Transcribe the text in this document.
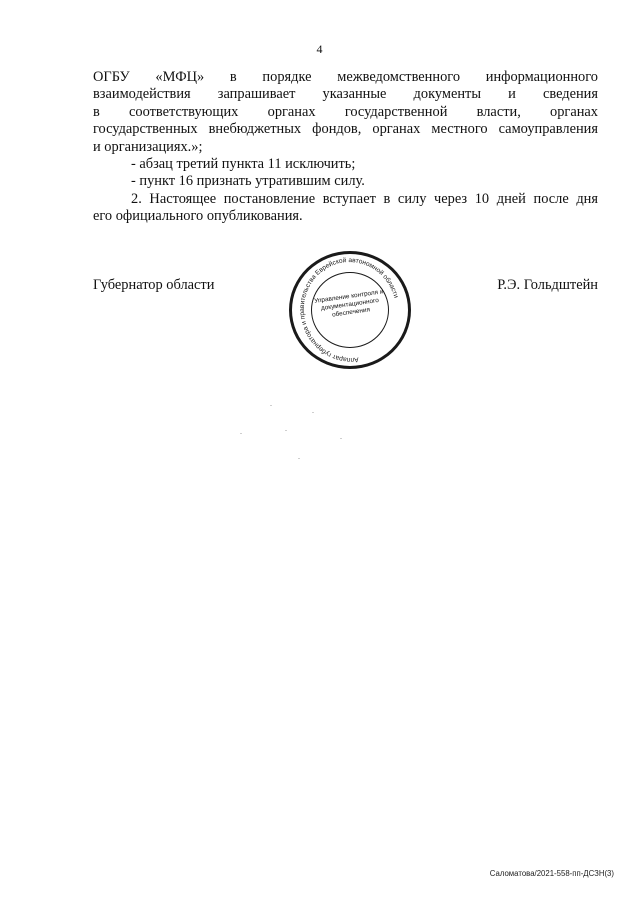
4
ОГБУ «МФЦ» в порядке межведомственного информационного
взаимодействия запрашивает указанные документы и сведения
в соответствующих органах государственной власти, органах
государственных внебюджетных фондов, органах местного самоуправления
и организациях.»;
- абзац третий пункта 11 исключить;
- пункт 16 признать утратившим силу.
2. Настоящее постановление вступает в силу через 10 дней после дня
его официального опубликования.
Губернатор области	Р.Э. Гольдштейн
Аппарат губернатора и правительства Еврейской автономной области
Управление контроля и документационного обеспечения
Саломатова/2021-558-пп-ДСЗН(3)
